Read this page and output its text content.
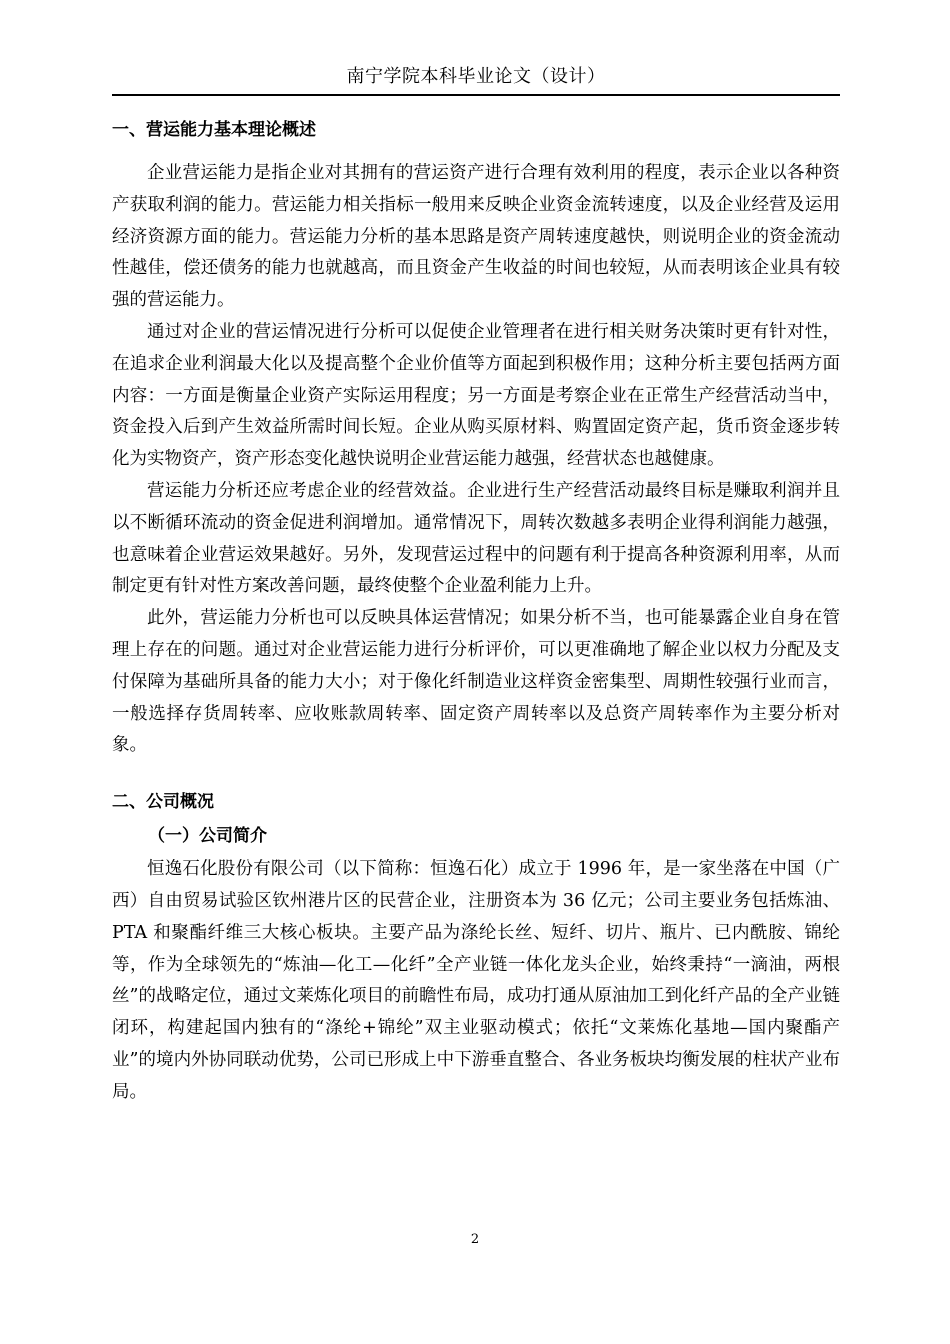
南宁学院本科毕业论文（设计）
一、营运能力基本理论概述

企业营运能力是指企业对其拥有的营运资产进行合理有效利用的程度，表示企业以各种资产获取利润的能力。营运能力相关指标一般用来反映企业资金流转速度，以及企业经营及运用经济资源方面的能力。营运能力分析的基本思路是资产周转速度越快，则说明企业的资金流动性越佳，偿还债务的能力也就越高，而且资金产生收益的时间也较短，从而表明该企业具有较强的营运能力。

通过对企业的营运情况进行分析可以促使企业管理者在进行相关财务决策时更有针对性，在追求企业利润最大化以及提高整个企业价值等方面起到积极作用；这种分析主要包括两方面内容：一方面是衡量企业资产实际运用程度；另一方面是考察企业在正常生产经营活动当中，资金投入后到产生效益所需时间长短。企业从购买原材料、购置固定资产起，货币资金逐步转化为实物资产，资产形态变化越快说明企业营运能力越强，经营状态也越健康。

营运能力分析还应考虑企业的经营效益。企业进行生产经营活动最终目标是赚取利润并且以不断循环流动的资金促进利润增加。通常情况下，周转次数越多表明企业得利润能力越强，也意味着企业营运效果越好。另外，发现营运过程中的问题有利于提高各种资源利用率，从而制定更有针对性方案改善问题，最终使整个企业盈利能力上升。

此外，营运能力分析也可以反映具体运营情况；如果分析不当，也可能暴露企业自身在管理上存在的问题。通过对企业营运能力进行分析评价，可以更准确地了解企业以权力分配及支付保障为基础所具备的能力大小；对于像化纤制造业这样资金密集型、周期性较强行业而言，一般选择存货周转率、应收账款周转率、固定资产周转率以及总资产周转率作为主要分析对象。

二、公司概况
（一）公司简介

恒逸石化股份有限公司（以下简称：恒逸石化）成立于 1996 年，是一家坐落在中国（广西）自由贸易试验区钦州港片区的民营企业，注册资本为 36 亿元；公司主要业务包括炼油、PTA 和聚酯纤维三大核心板块。主要产品为涤纶长丝、短纤、切片、瓶片、已内酰胺、锦纶等，作为全球领先的“炼油—化工—化纤”全产业链一体化龙头企业，始终秉持“一滴油，两根丝”的战略定位，通过文莱炼化项目的前瞻性布局，成功打通从原油加工到化纤产品的全产业链闭环，构建起国内独有的“涤纶+锦纶”双主业驱动模式；依托“文莱炼化基地—国内聚酯产业”的境内外协同联动优势，公司已形成上中下游垂直整合、各业务板块均衡发展的柱状产业布局。

2
